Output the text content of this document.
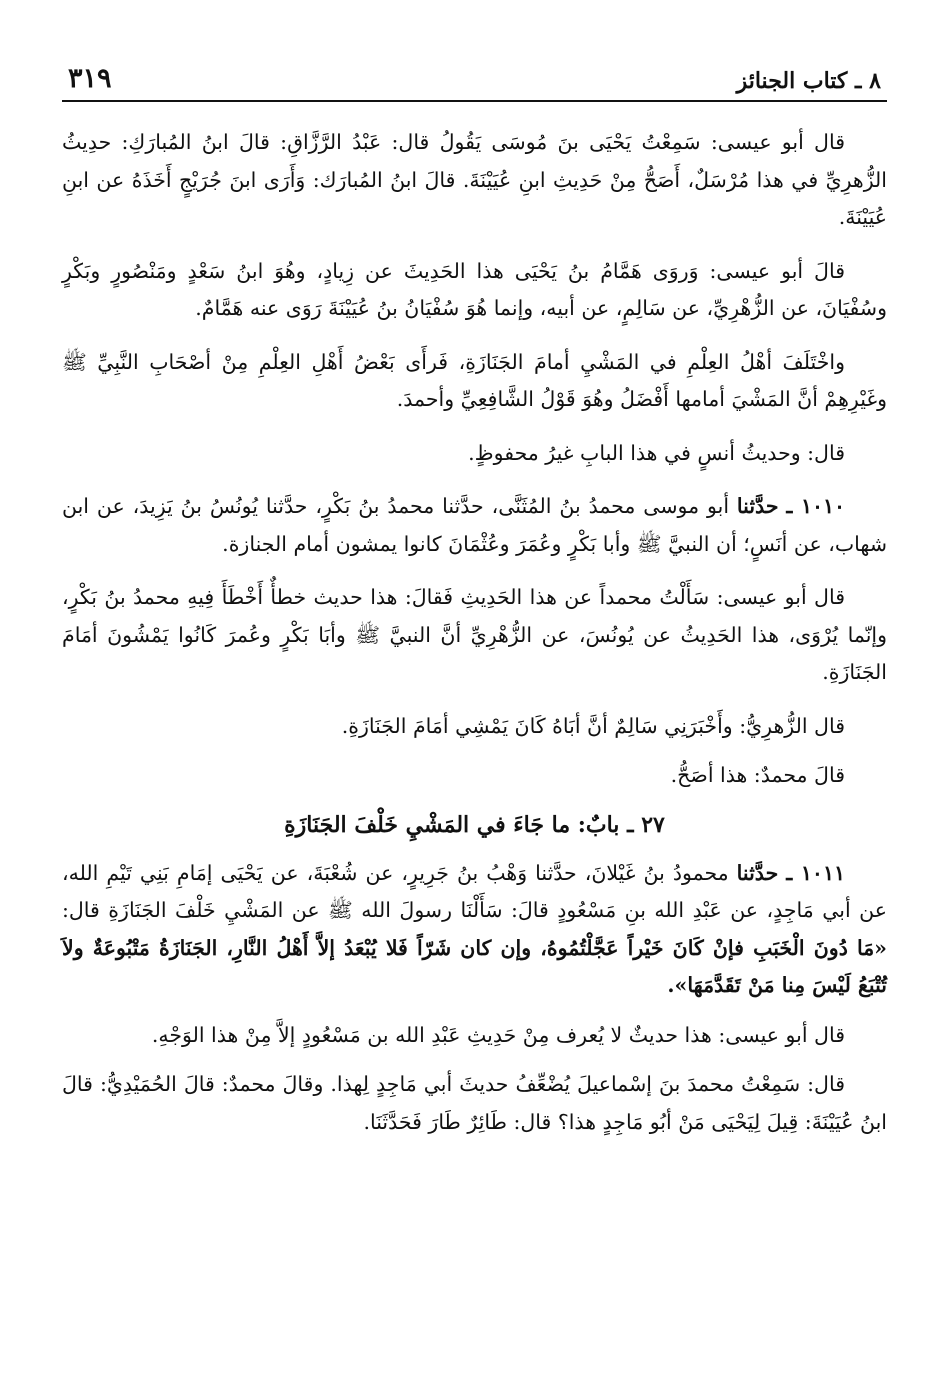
٨ ـ كتاب الجنائز
٣١٩

قال أبو عيسى: سَمِعْتُ يَحْيَى بنَ مُوسَى يَقُولُ قال: عَبْدُ الرَّزَّاقِ: قالَ ابنُ المُبارَكِ: حدِيثُ الزُّهرِيِّ في هذا مُرْسَلٌ، أَصَحُّ مِنْ حَدِيثِ ابنِ عُيَيْنَةَ. قالَ ابنُ المُبارَك: وَأَرَى ابنَ جُرَيْجٍ أَخَذَهُ عن ابنِ عُيَيْنَةَ.

قالَ أبو عيسى: وَروَى هَمَّامُ بنُ يَحْيَى هذا الحَدِيثَ عن زِيادٍ، وهُوَ ابنُ سَعْدٍ ومَنْصُورٍ وبَكْرٍ وسُفْيَانَ، عن الزُّهْرِيِّ، عن سَالِمٍ، عن أبيه، وإنما هُوَ سُفْيَانُ بنُ عُيَيْنَةَ رَوَى عنه هَمَّامٌ.

واخْتَلَفَ أهْلُ العِلْمِ في المَشْيِ أمامَ الجَنَازَةِ، فَرأَى بَعْضُ أَهْلِ العِلْمِ مِنْ أصْحَابِ النَّبِيِّ ﷺ وغَيْرِهِمْ أنَّ المَشْيَ أمامها أَفْضَلُ وهُوَ قَوْلُ الشَّافِعِيِّ وأحمدَ.

قال: وحديثُ أنسٍ في هذا البابِ غيرُ محفوظٍ.

١٠١٠ ـ حدَّثنا أبو موسى محمدُ بنُ المُثَنَّى، حدَّثنا محمدُ بنُ بَكْرٍ، حدَّثنا يُونُسُ بنُ يَزِيدَ، عن ابن شهاب، عن أنَسٍ؛ أن النبيَّ ﷺ وأبا بَكْرٍ وعُمَرَ وعُثْمَانَ كانوا يمشون أمام الجنازة.

قال أبو عيسى: سَأَلْتُ محمداً عن هذا الحَدِيثِ فَقالَ: هذا حديث خطأٌ أَخْطَأَ فِيهِ محمدُ بنُ بَكْرٍ، وإنّما يُرْوَى، هذا الحَدِيثُ عن يُونُسَ، عن الزُّهْرِيِّ أنَّ النبيَّ ﷺ وأبَا بَكْرٍ وعُمرَ كَانُوا يَمْشُونَ أمَامَ الجَنَازَةِ.

قال الزُّهرِيُّ: وأَخْبَرَنِي سَالِمٌ أنَّ أبَاهُ كَانَ يَمْشِي أمَامَ الجَنَازَةِ.

قالَ محمدٌ: هذا أصَحُّ.

٢٧ ـ بابٌ: ما جَاءَ في المَشْيِ خَلْفَ الجَنَازَةِ

١٠١١ ـ حدَّثنا محمودُ بنُ غَيْلانَ، حدَّثنا وَهْبُ بنُ جَرِيرٍ، عن شُعْبَةَ، عن يَحْيَى إمَامِ بَنِي تَيْمِ الله، عن أبي مَاجِدٍ، عن عَبْدِ الله بنِ مَسْعُودٍ قالَ: سَأَلْنَا رسولَ الله ﷺ عن المَشْيِ خَلْفَ الجَنَازَةِ قال: «مَا دُونَ الْخَبَبِ فإنْ كَانَ خَيْراً عَجَّلْتُمُوهُ، وإن كان شَرّاً فَلا يُبْعَدُ إلاَّ أَهْلُ النَّارِ، الجَنَازَةُ مَتْبُوعَةٌ ولاَ تُتْبَعُ لَيْسَ مِنا مَنْ تَقَدَّمَهَا».

قال أبو عيسى: هذا حديثٌ لا يُعرف مِنْ حَدِيثِ عَبْدِ الله بن مَسْعُودٍ إلاَّ مِنْ هذا الوَجْهِ.

قال: سَمِعْتُ محمدَ بنَ إسْماعيلَ يُضْعِّفُ حديثَ أبي مَاجِدٍ لِهذا. وقالَ محمدٌ: قالَ الحُمَيْدِيُّ: قالَ ابنُ عُيَيْنَةَ: قِيلَ لِيَحْيَى مَنْ أبُو مَاجِدٍ هذا؟ قال: طَائِرٌ طَارَ فَحَدَّثَنَا.
